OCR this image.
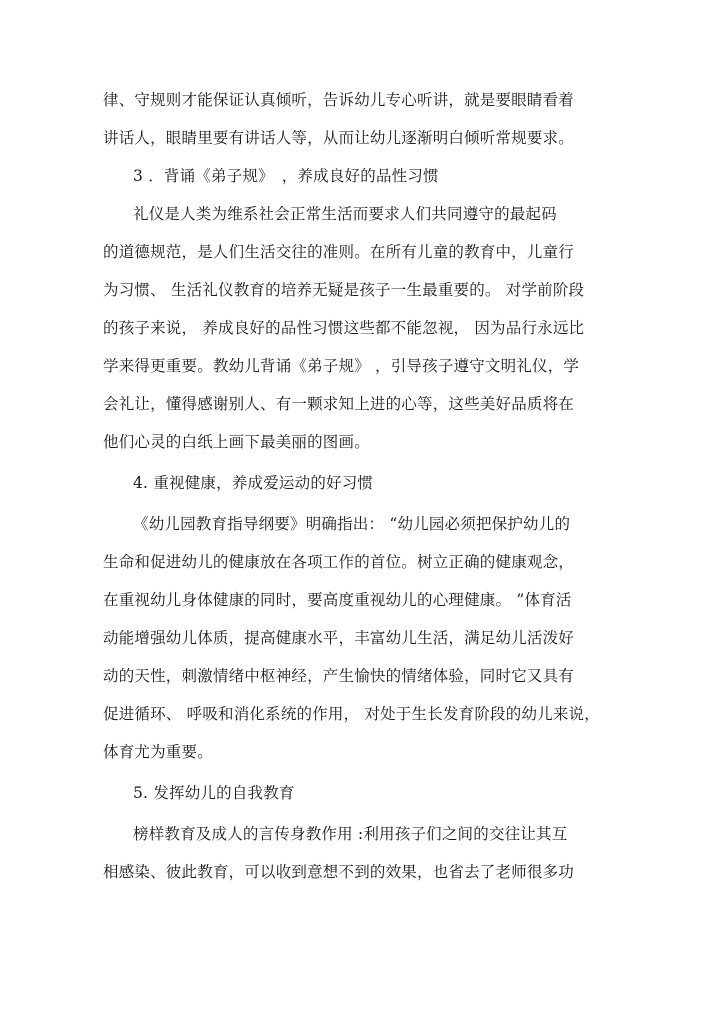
律、守规则才能保证认真倾听，告诉幼儿专心听讲，就是要眼睛看着
讲话人，眼睛里要有讲话人等，从而让幼儿逐渐明白倾听常规要求。
3 ．背诵《弟子规》　，养成良好的品性习惯
礼仪是人类为维系社会正常生活而要求人们共同遵守的最起码
的道德规范，是人们生活交往的准则。在所有儿童的教育中，儿童行
为习惯、 生活礼仪教育的培养无疑是孩子一生最重要的。 对学前阶段
的孩子来说， 养成良好的品性习惯这些都不能忽视， 因为品行永远比
学来得更重要。教幼儿背诵《弟子规》 ，引导孩子遵守文明礼仪，学
会礼让，懂得感谢别人、有一颗求知上进的心等，这些美好品质将在
他们心灵的白纸上画下最美丽的图画。
4. 重视健康，养成爱运动的好习惯
《幼儿园教育指导纲要》明确指出： “幼儿园必须把保护幼儿的
生命和促进幼儿的健康放在各项工作的首位。树立正确的健康观念，
在重视幼儿身体健康的同时，要高度重视幼儿的心理健康。 ”体育活
动能增强幼儿体质，提高健康水平，丰富幼儿生活，满足幼儿活泼好
动的天性，刺激情绪中枢神经，产生愉快的情绪体验，同时它又具有
促进循环、 呼吸和消化系统的作用， 对处于生长发育阶段的幼儿来说，
体育尤为重要。
5. 发挥幼儿的自我教育
榜样教育及成人的言传身教作用 :利用孩子们之间的交往让其互
相感染、彼此教育，可以收到意想不到的效果，也省去了老师很多功
